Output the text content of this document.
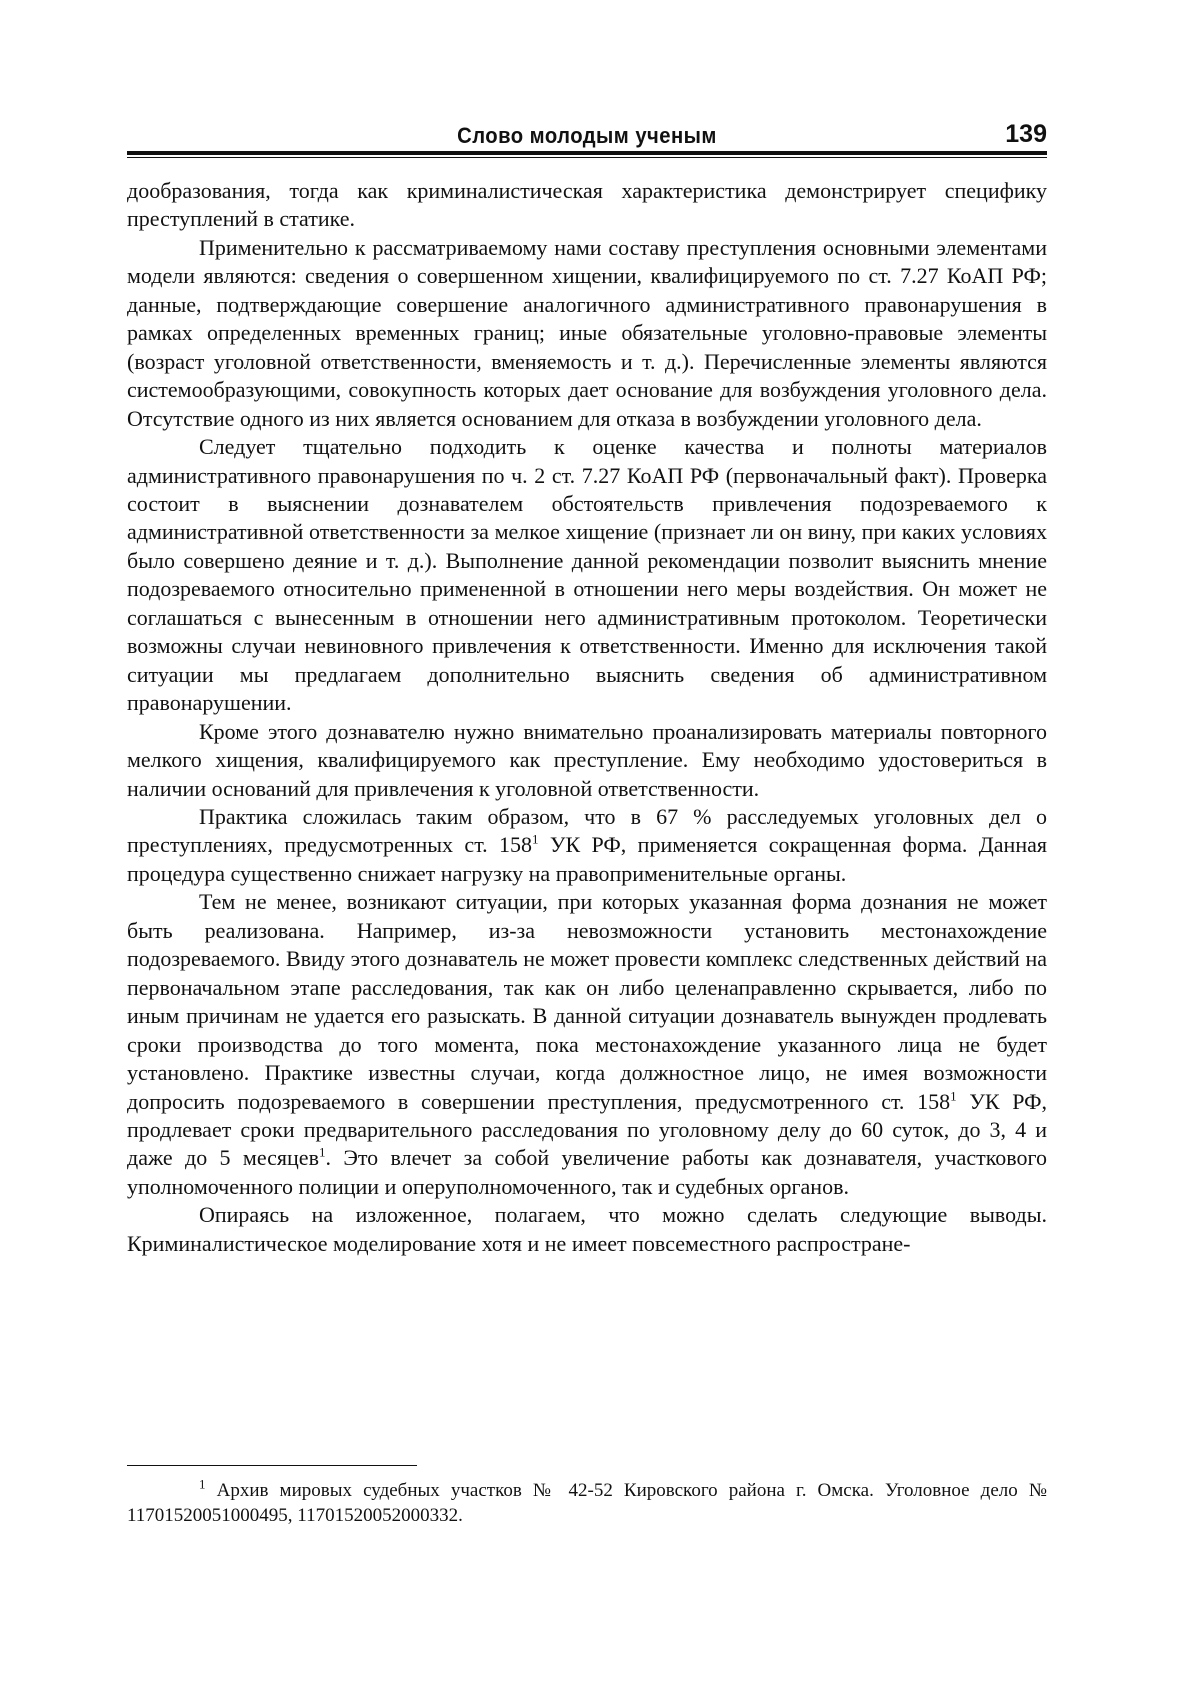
Слово молодым ученым	139

дообразования, тогда как криминалистическая характеристика демонстрирует специфику преступлений в статике.

Применительно к рассматриваемому нами составу преступления основными элементами модели являются: сведения о совершенном хищении, квалифицируемого по ст. 7.27 КоАП РФ; данные, подтверждающие совершение аналогичного административного правонарушения в рамках определенных временных границ; иные обязательные уголовно-правовые элементы (возраст уголовной ответственности, вменяемость и т. д.). Перечисленные элементы являются системообразующими, совокупность которых дает основание для возбуждения уголовного дела. Отсутствие одного из них является основанием для отказа в возбуждении уголовного дела.

Следует тщательно подходить к оценке качества и полноты материалов административного правонарушения по ч. 2 ст. 7.27 КоАП РФ (первоначальный факт). Проверка состоит в выяснении дознавателем обстоятельств привлечения подозреваемого к административной ответственности за мелкое хищение (признает ли он вину, при каких условиях было совершено деяние и т. д.). Выполнение данной рекомендации позволит выяснить мнение подозреваемого относительно примененной в отношении него меры воздействия. Он может не соглашаться с вынесенным в отношении него административным протоколом. Теоретически возможны случаи невиновного привлечения к ответственности. Именно для исключения такой ситуации мы предлагаем дополнительно выяснить сведения об административном правонарушении.

Кроме этого дознавателю нужно внимательно проанализировать материалы повторного мелкого хищения, квалифицируемого как преступление. Ему необходимо удостовериться в наличии оснований для привлечения к уголовной ответственности.

Практика сложилась таким образом, что в 67 % расследуемых уголовных дел о преступлениях, предусмотренных ст. $158^1$ УК РФ, применяется сокращенная форма. Данная процедура существенно снижает нагрузку на правоприменительные органы.

Тем не менее, возникают ситуации, при которых указанная форма дознания не может быть реализована. Например, из-за невозможности установить местонахождение подозреваемого. Ввиду этого дознаватель не может провести комплекс следственных действий на первоначальном этапе расследования, так как он либо целенаправленно скрывается, либо по иным причинам не удается его разыскать. В данной ситуации дознаватель вынужден продлевать сроки производства до того момента, пока местонахождение указанного лица не будет установлено. Практике известны случаи, когда должностное лицо, не имея возможности допросить подозреваемого в совершении преступления, предусмотренного ст. $158^1$ УК РФ, продлевает сроки предварительного расследования по уголовному делу до 60 суток, до 3, 4 и даже до 5 месяцев$^1$. Это влечет за собой увеличение работы как дознавателя, участкового уполномоченного полиции и оперуполномоченного, так и судебных органов.

Опираясь на изложенное, полагаем, что можно сделать следующие выводы. Криминалистическое моделирование хотя и не имеет повсеместного распростране-

$^1$ Архив мировых судебных участков № 42-52 Кировского района г. Омска. Уголовное дело № 11701520051000495, 11701520052000332.
